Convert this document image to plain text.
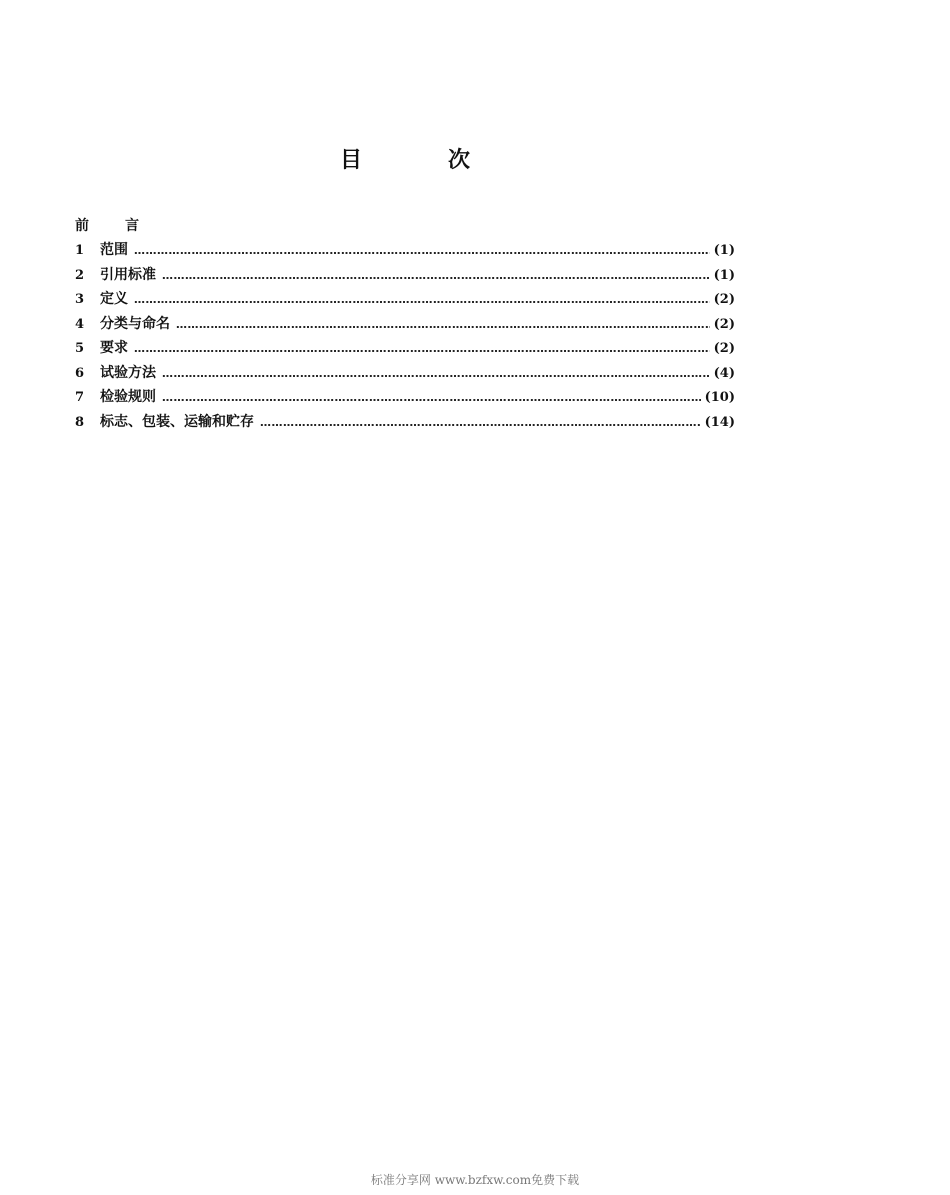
目次
前	言
1	范围 ……………………………………………………………………………………………………………………………………………………………………………………………………	(1)
2	引用标准 ……………………………………………………………………………………………………………………………………………………………………………………………………	(1)
3	定义 ……………………………………………………………………………………………………………………………………………………………………………………………………	(2)
4	分类与命名 ……………………………………………………………………………………………………………………………………………………………………………………………………	(2)
5	要求 ……………………………………………………………………………………………………………………………………………………………………………………………………	(2)
6	试验方法 ……………………………………………………………………………………………………………………………………………………………………………………………………	(4)
7	检验规则 ……………………………………………………………………………………………………………………………………………………………………………………………………	(10)
8	标志、包装、运输和贮存 ……………………………………………………………………………………………………………………………………………………………………………………………………	(14)
标准分享网 www.bzfxw.com免费下载
